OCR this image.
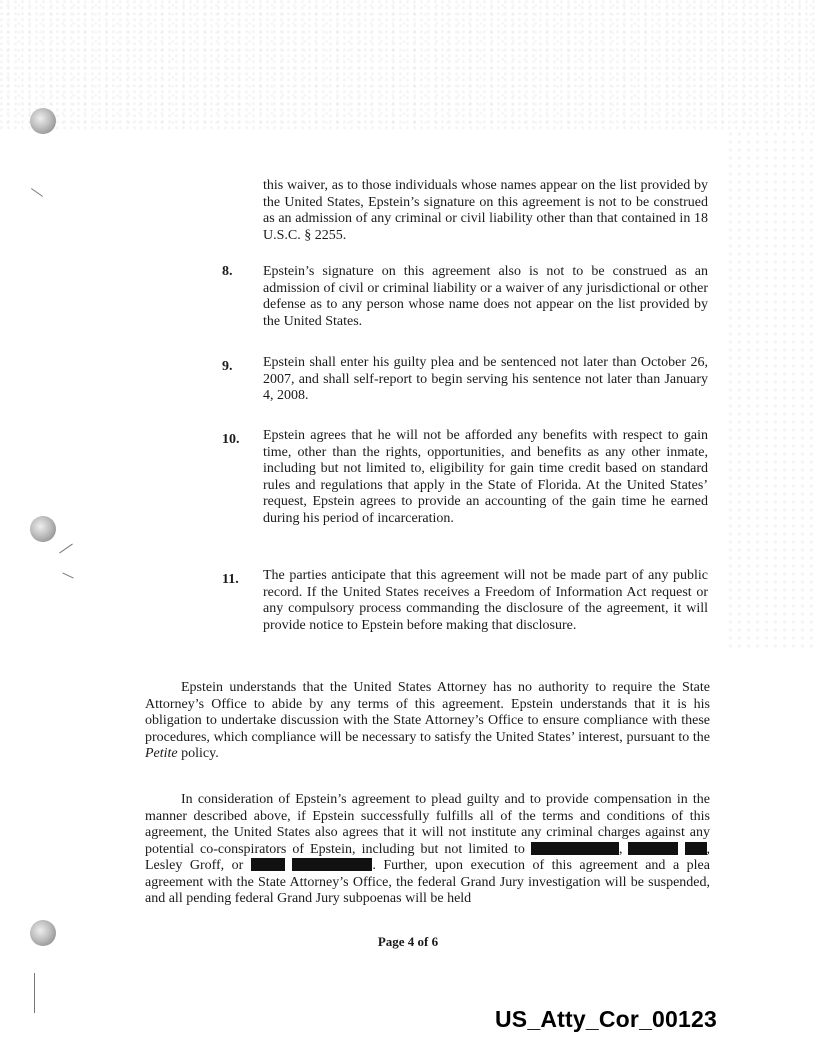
this waiver, as to those individuals whose names appear on the list provided by the United States, Epstein’s signature on this agreement is not to be construed as an admission of any criminal or civil liability other than that contained in 18 U.S.C. § 2255.

8. Epstein’s signature on this agreement also is not to be construed as an admission of civil or criminal liability or a waiver of any jurisdictional or other defense as to any person whose name does not appear on the list provided by the United States.

9. Epstein shall enter his guilty plea and be sentenced not later than October 26, 2007, and shall self-report to begin serving his sentence not later than January 4, 2008.

10. Epstein agrees that he will not be afforded any benefits with respect to gain time, other than the rights, opportunities, and benefits as any other inmate, including but not limited to, eligibility for gain time credit based on standard rules and regulations that apply in the State of Florida. At the United States’ request, Epstein agrees to provide an accounting of the gain time he earned during his period of incarceration.

11. The parties anticipate that this agreement will not be made part of any public record. If the United States receives a Freedom of Information Act request or any compulsory process commanding the disclosure of the agreement, it will provide notice to Epstein before making that disclosure.

Epstein understands that the United States Attorney has no authority to require the State Attorney’s Office to abide by any terms of this agreement. Epstein understands that it is his obligation to undertake discussion with the State Attorney’s Office to ensure compliance with these procedures, which compliance will be necessary to satisfy the United States’ interest, pursuant to the Petite policy.

In consideration of Epstein’s agreement to plead guilty and to provide compensation in the manner described above, if Epstein successfully fulfills all of the terms and conditions of this agreement, the United States also agrees that it will not institute any criminal charges against any potential co-conspirators of Epstein, including but not limited to	,	, Lesley Groff, or	. Further, upon execution of this agreement and a plea agreement with the State Attorney’s Office, the federal Grand Jury investigation will be suspended, and all pending federal Grand Jury subpoenas will be held

Page 4 of 6
US_Atty_Cor_00123
